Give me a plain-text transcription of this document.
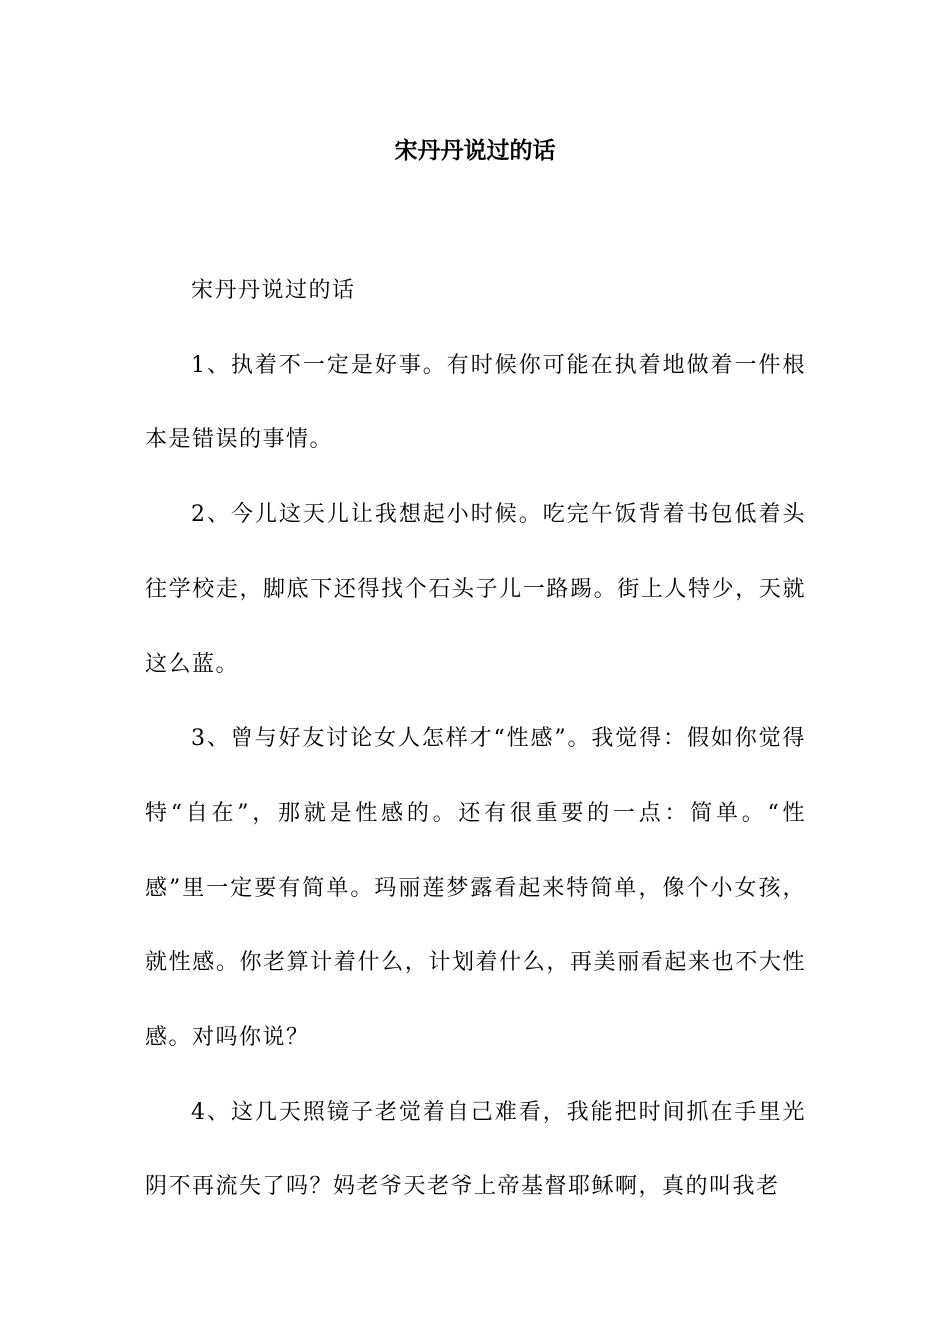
宋丹丹说过的话

宋丹丹说过的话

1、执着不一定是好事。有时候你可能在执着地做着一件根本是错误的事情。

2、今儿这天儿让我想起小时候。吃完午饭背着书包低着头往学校走，脚底下还得找个石头子儿一路踢。街上人特少，天就这么蓝。

3、曾与好友讨论女人怎样才“性感”。我觉得：假如你觉得特“自在”，那就是性感的。还有很重要的一点：简单。“性感”里一定要有简单。玛丽莲梦露看起来特简单，像个小女孩，就性感。你老算计着什么，计划着什么，再美丽看起来也不大性感。对吗你说？

4、这几天照镜子老觉着自己难看，我能把时间抓在手里光阴不再流失了吗？妈老爷天老爷上帝基督耶稣啊，真的叫我老
